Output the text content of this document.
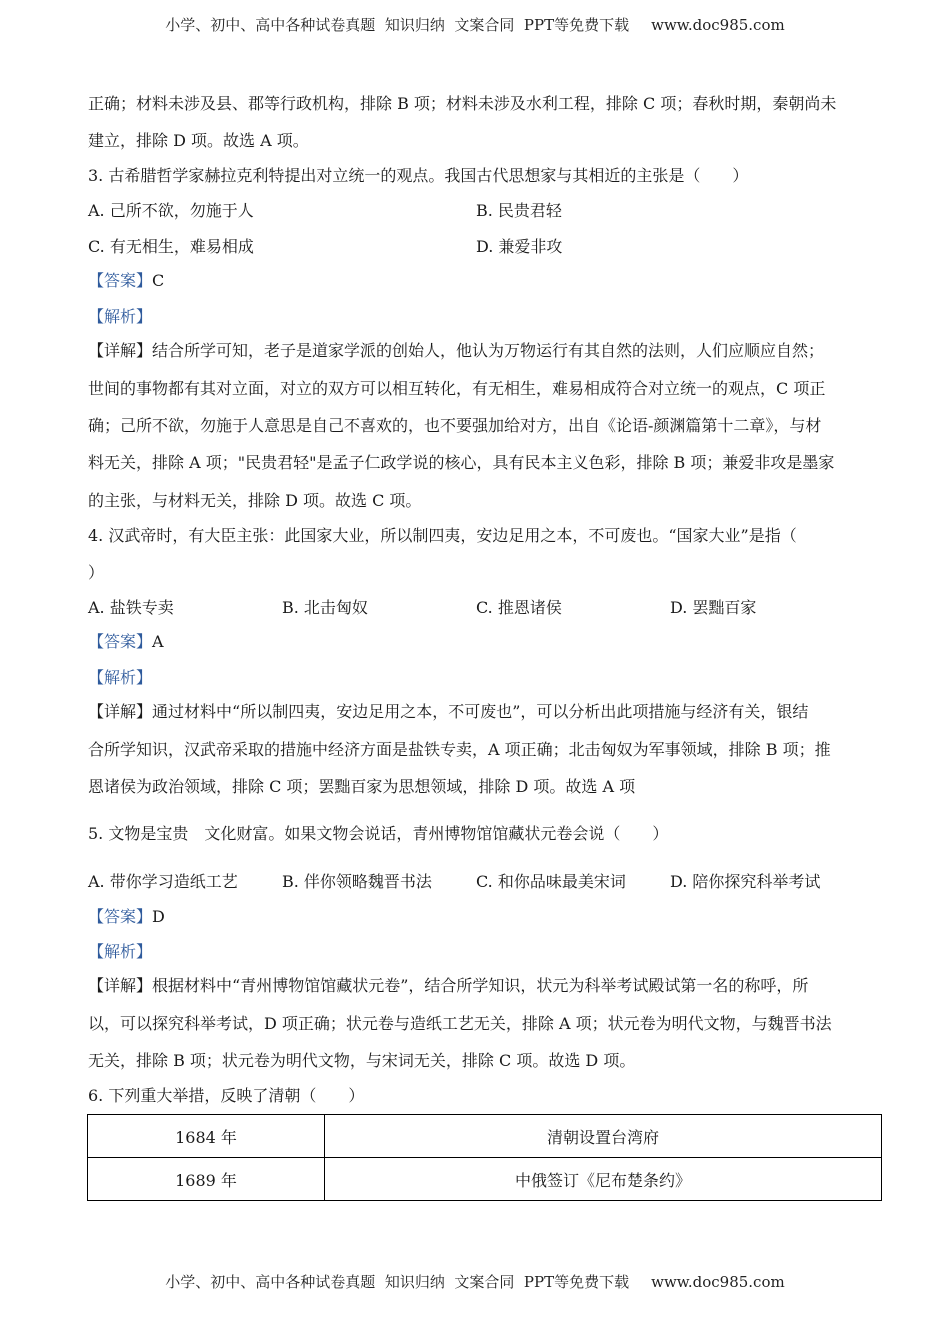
小学、初中、高中各种试卷真题  知识归纳  文案合同  PPT等免费下载 www.doc985.com
正确；材料未涉及县、郡等行政机构，排除 B 项；材料未涉及水利工程，排除 C 项；春秋时期，秦朝尚未
建立，排除 D 项。故选 A 项。
3. 古希腊哲学家赫拉克利特提出对立统一的观点。我国古代思想家与其相近的主张是（　　）
A. 己所不欲，勿施于人	B. 民贵君轻
C. 有无相生，难易相成	D. 兼爱非攻
【答案】C
【解析】
【详解】结合所学可知，老子是道家学派的创始人，他认为万物运行有其自然的法则，人们应顺应自然；
世间的事物都有其对立面，对立的双方可以相互转化，有无相生，难易相成符合对立统一的观点，C 项正
确；己所不欲，勿施于人意思是自己不喜欢的，也不要强加给对方，出自《论语-颜渊篇第十二章》，与材
料无关，排除 A 项；"民贵君轻"是孟子仁政学说的核心，具有民本主义色彩，排除 B 项；兼爱非攻是墨家
的主张，与材料无关，排除 D 项。故选 C 项。
4. 汉武帝时，有大臣主张：此国家大业，所以制四夷，安边足用之本，不可废也。“国家大业”是指（
）
A. 盐铁专卖	B. 北击匈奴	C. 推恩诸侯	D. 罢黜百家
【答案】A
【解析】
【详解】通过材料中“所以制四夷，安边足用之本，不可废也”，可以分析出此项措施与经济有关，银结
合所学知识，汉武帝采取的措施中经济方面是盐铁专卖，A 项正确；北击匈奴为军事领域，排除 B 项；推
恩诸侯为政治领域，排除 C 项；罢黜百家为思想领域，排除 D 项。故选 A 项
5. 文物是宝贵　文化财富。如果文物会说话，青州博物馆馆藏状元卷会说（　　）
A. 带你学习造纸工艺	B. 伴你领略魏晋书法	C. 和你品味最美宋词	D. 陪你探究科举考试
【答案】D
【解析】
【详解】根据材料中“青州博物馆馆藏状元卷”，结合所学知识，状元为科举考试殿试第一名的称呼，所
以，可以探究科举考试，D 项正确；状元卷与造纸工艺无关，排除 A 项；状元卷为明代文物，与魏晋书法
无关，排除 B 项；状元卷为明代文物，与宋词无关，排除 C 项。故选 D 项。
6. 下列重大举措，反映了清朝（　　）
1684 年	清朝设置台湾府
1689 年	中俄签订《尼布楚条约》
小学、初中、高中各种试卷真题  知识归纳  文案合同  PPT等免费下载 www.doc985.com
